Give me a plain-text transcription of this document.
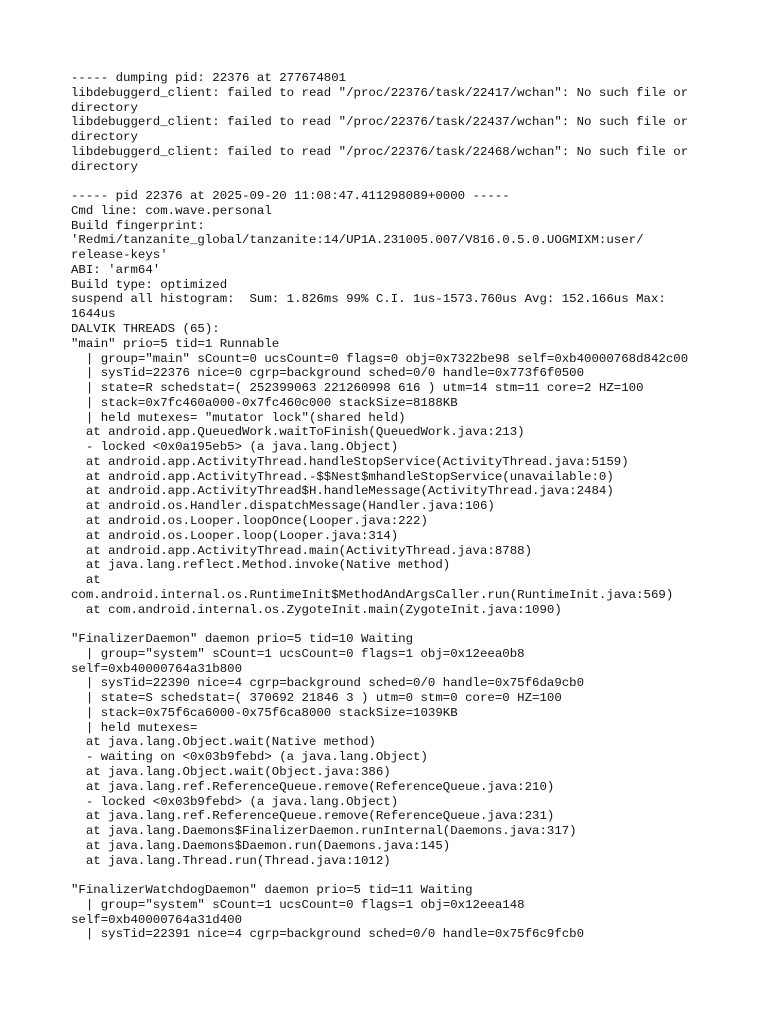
----- dumping pid: 22376 at 277674801
libdebuggerd_client: failed to read "/proc/22376/task/22417/wchan": No such file or
directory
libdebuggerd_client: failed to read "/proc/22376/task/22437/wchan": No such file or
directory
libdebuggerd_client: failed to read "/proc/22376/task/22468/wchan": No such file or
directory
----- pid 22376 at 2025-09-20 11:08:47.411298089+0000 -----
Cmd line: com.wave.personal
Build fingerprint:
'Redmi/tanzanite_global/tanzanite:14/UP1A.231005.007/V816.0.5.0.UOGMIXM:user/
release-keys'
ABI: 'arm64'
Build type: optimized
suspend all histogram:  Sum: 1.826ms 99% C.I. 1us-1573.760us Avg: 152.166us Max:
1644us
DALVIK THREADS (65):
"main" prio=5 tid=1 Runnable
| group="main" sCount=0 ucsCount=0 flags=0 obj=0x7322be98 self=0xb40000768d842c00
| sysTid=22376 nice=0 cgrp=background sched=0/0 handle=0x773f6f0500
| state=R schedstat=( 252399063 221260998 616 ) utm=14 stm=11 core=2 HZ=100
| stack=0x7fc460a000-0x7fc460c000 stackSize=8188KB
| held mutexes= "mutator lock"(shared held)
at android.app.QueuedWork.waitToFinish(QueuedWork.java:213)
- locked <0x0a195eb5> (a java.lang.Object)
at android.app.ActivityThread.handleStopService(ActivityThread.java:5159)
at android.app.ActivityThread.-$$Nest$mhandleStopService(unavailable:0)
at android.app.ActivityThread$H.handleMessage(ActivityThread.java:2484)
at android.os.Handler.dispatchMessage(Handler.java:106)
at android.os.Looper.loopOnce(Looper.java:222)
at android.os.Looper.loop(Looper.java:314)
at android.app.ActivityThread.main(ActivityThread.java:8788)
at java.lang.reflect.Method.invoke(Native method)
at
com.android.internal.os.RuntimeInit$MethodAndArgsCaller.run(RuntimeInit.java:569)
at com.android.internal.os.ZygoteInit.main(ZygoteInit.java:1090)
"FinalizerDaemon" daemon prio=5 tid=10 Waiting
| group="system" sCount=1 ucsCount=0 flags=1 obj=0x12eea0b8
self=0xb40000764a31b800
| sysTid=22390 nice=4 cgrp=background sched=0/0 handle=0x75f6da9cb0
| state=S schedstat=( 370692 21846 3 ) utm=0 stm=0 core=0 HZ=100
| stack=0x75f6ca6000-0x75f6ca8000 stackSize=1039KB
| held mutexes=
at java.lang.Object.wait(Native method)
- waiting on <0x03b9febd> (a java.lang.Object)
at java.lang.Object.wait(Object.java:386)
at java.lang.ref.ReferenceQueue.remove(ReferenceQueue.java:210)
- locked <0x03b9febd> (a java.lang.Object)
at java.lang.ref.ReferenceQueue.remove(ReferenceQueue.java:231)
at java.lang.Daemons$FinalizerDaemon.runInternal(Daemons.java:317)
at java.lang.Daemons$Daemon.run(Daemons.java:145)
at java.lang.Thread.run(Thread.java:1012)
"FinalizerWatchdogDaemon" daemon prio=5 tid=11 Waiting
| group="system" sCount=1 ucsCount=0 flags=1 obj=0x12eea148
self=0xb40000764a31d400
| sysTid=22391 nice=4 cgrp=background sched=0/0 handle=0x75f6c9fcb0
